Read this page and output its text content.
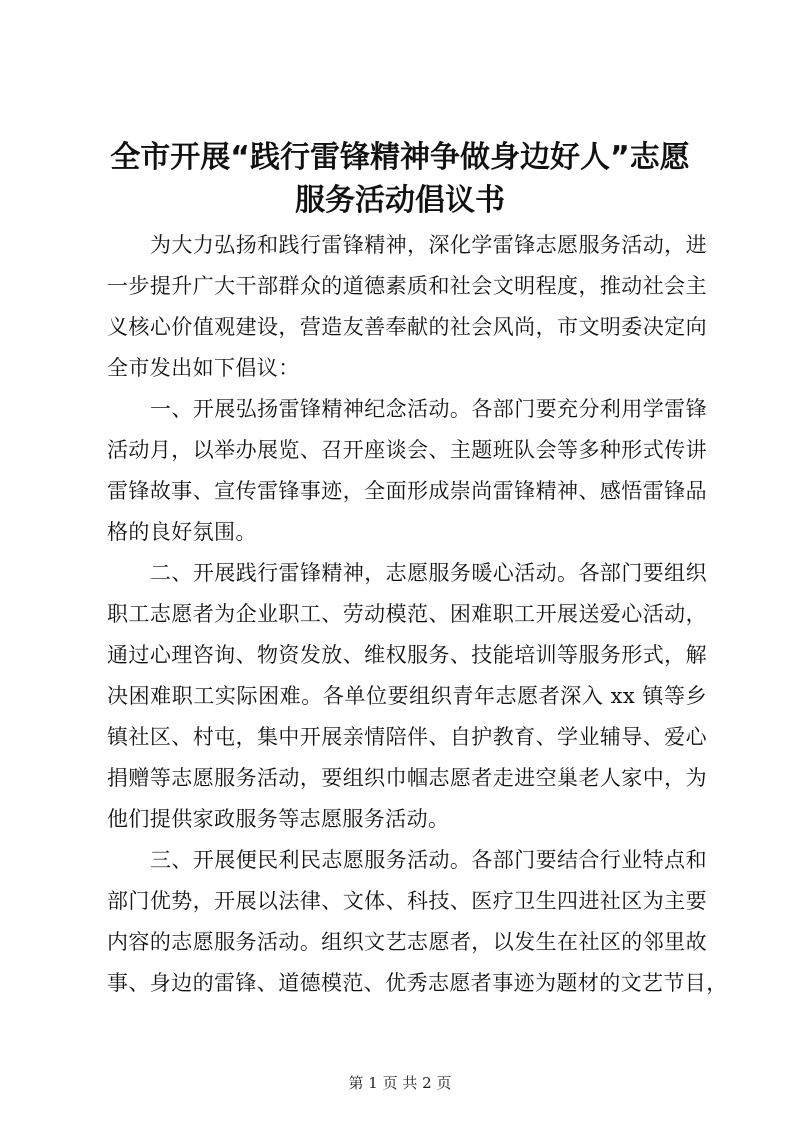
全市开展“践行雷锋精神争做身边好人”志愿
服务活动倡议书
为大力弘扬和践行雷锋精神，深化学雷锋志愿服务活动，进
一步提升广大干部群众的道德素质和社会文明程度，推动社会主
义核心价值观建设，营造友善奉献的社会风尚，市文明委决定向
全市发出如下倡议：
一、开展弘扬雷锋精神纪念活动。各部门要充分利用学雷锋
活动月，以举办展览、召开座谈会、主题班队会等多种形式传讲
雷锋故事、宣传雷锋事迹，全面形成崇尚雷锋精神、感悟雷锋品
格的良好氛围。
二、开展践行雷锋精神，志愿服务暖心活动。各部门要组织
职工志愿者为企业职工、劳动模范、困难职工开展送爱心活动，
通过心理咨询、物资发放、维权服务、技能培训等服务形式，解
决困难职工实际困难。各单位要组织青年志愿者深入 xx 镇等乡
镇社区、村屯，集中开展亲情陪伴、自护教育、学业辅导、爱心
捐赠等志愿服务活动，要组织巾帼志愿者走进空巢老人家中，为
他们提供家政服务等志愿服务活动。
三、开展便民利民志愿服务活动。各部门要结合行业特点和
部门优势，开展以法律、文体、科技、医疗卫生四进社区为主要
内容的志愿服务活动。组织文艺志愿者，以发生在社区的邻里故
事、身边的雷锋、道德模范、优秀志愿者事迹为题材的文艺节目，
第 1 页 共 2 页
